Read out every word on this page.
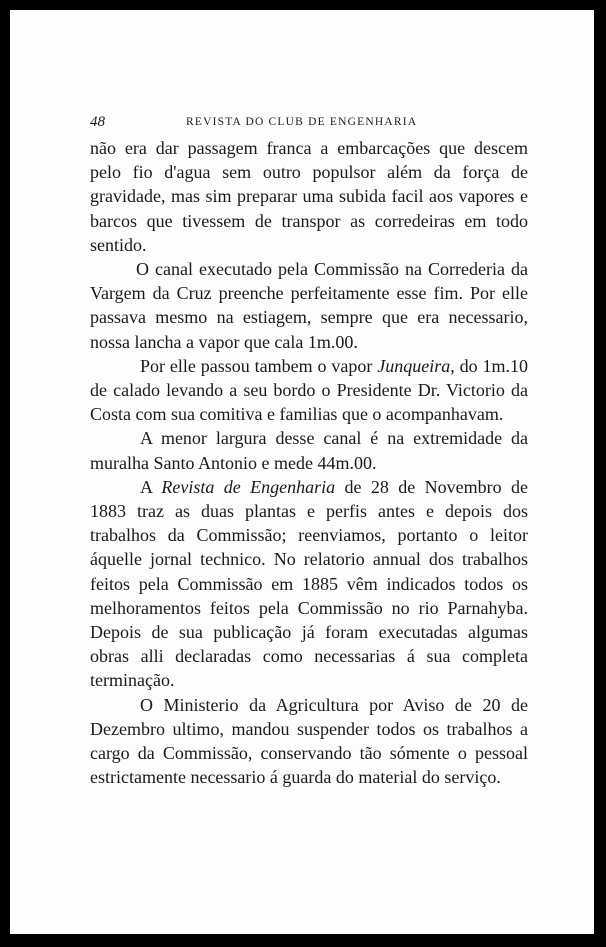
48	REVISTA DO CLUB DE ENGENHARIA

não era dar passagem franca a embarcações que descem pelo fio d'agua sem outro populsor além da força de gravidade, mas sim preparar uma subida facil aos vapores e barcos que tivessem de transpor as corredeiras em todo sentido.

O canal executado pela Commissão na Correderia da Vargem da Cruz preenche perfeitamente esse fim. Por elle passava mesmo na estiagem, sempre que era necessario, nossa lancha a vapor que cala 1m.00.

Por elle passou tambem o vapor Junqueira, do 1m.10 de calado levando a seu bordo o Presidente Dr. Victorio da Costa com sua comitiva e familias que o acompanhavam.

A menor largura desse canal é na extremidade da muralha Santo Antonio e mede 44m.00.

A Revista de Engenharia de 28 de Novembro de 1883 traz as duas plantas e perfis antes e depois dos trabalhos da Commissão; reenviamos, portanto o leitor áquelle jornal technico. No relatorio annual dos trabalhos feitos pela Commissão em 1885 vêm indicados todos os melhoramentos feitos pela Commissão no rio Parnahyba. Depois de sua publicação já foram executadas algumas obras alli declaradas como necessarias á sua completa terminação.

O Ministerio da Agricultura por Aviso de 20 de Dezembro ultimo, mandou suspender todos os trabalhos a cargo da Commissão, conservando tão sómente o pessoal estrictamente necessario á guarda do material do serviço.
